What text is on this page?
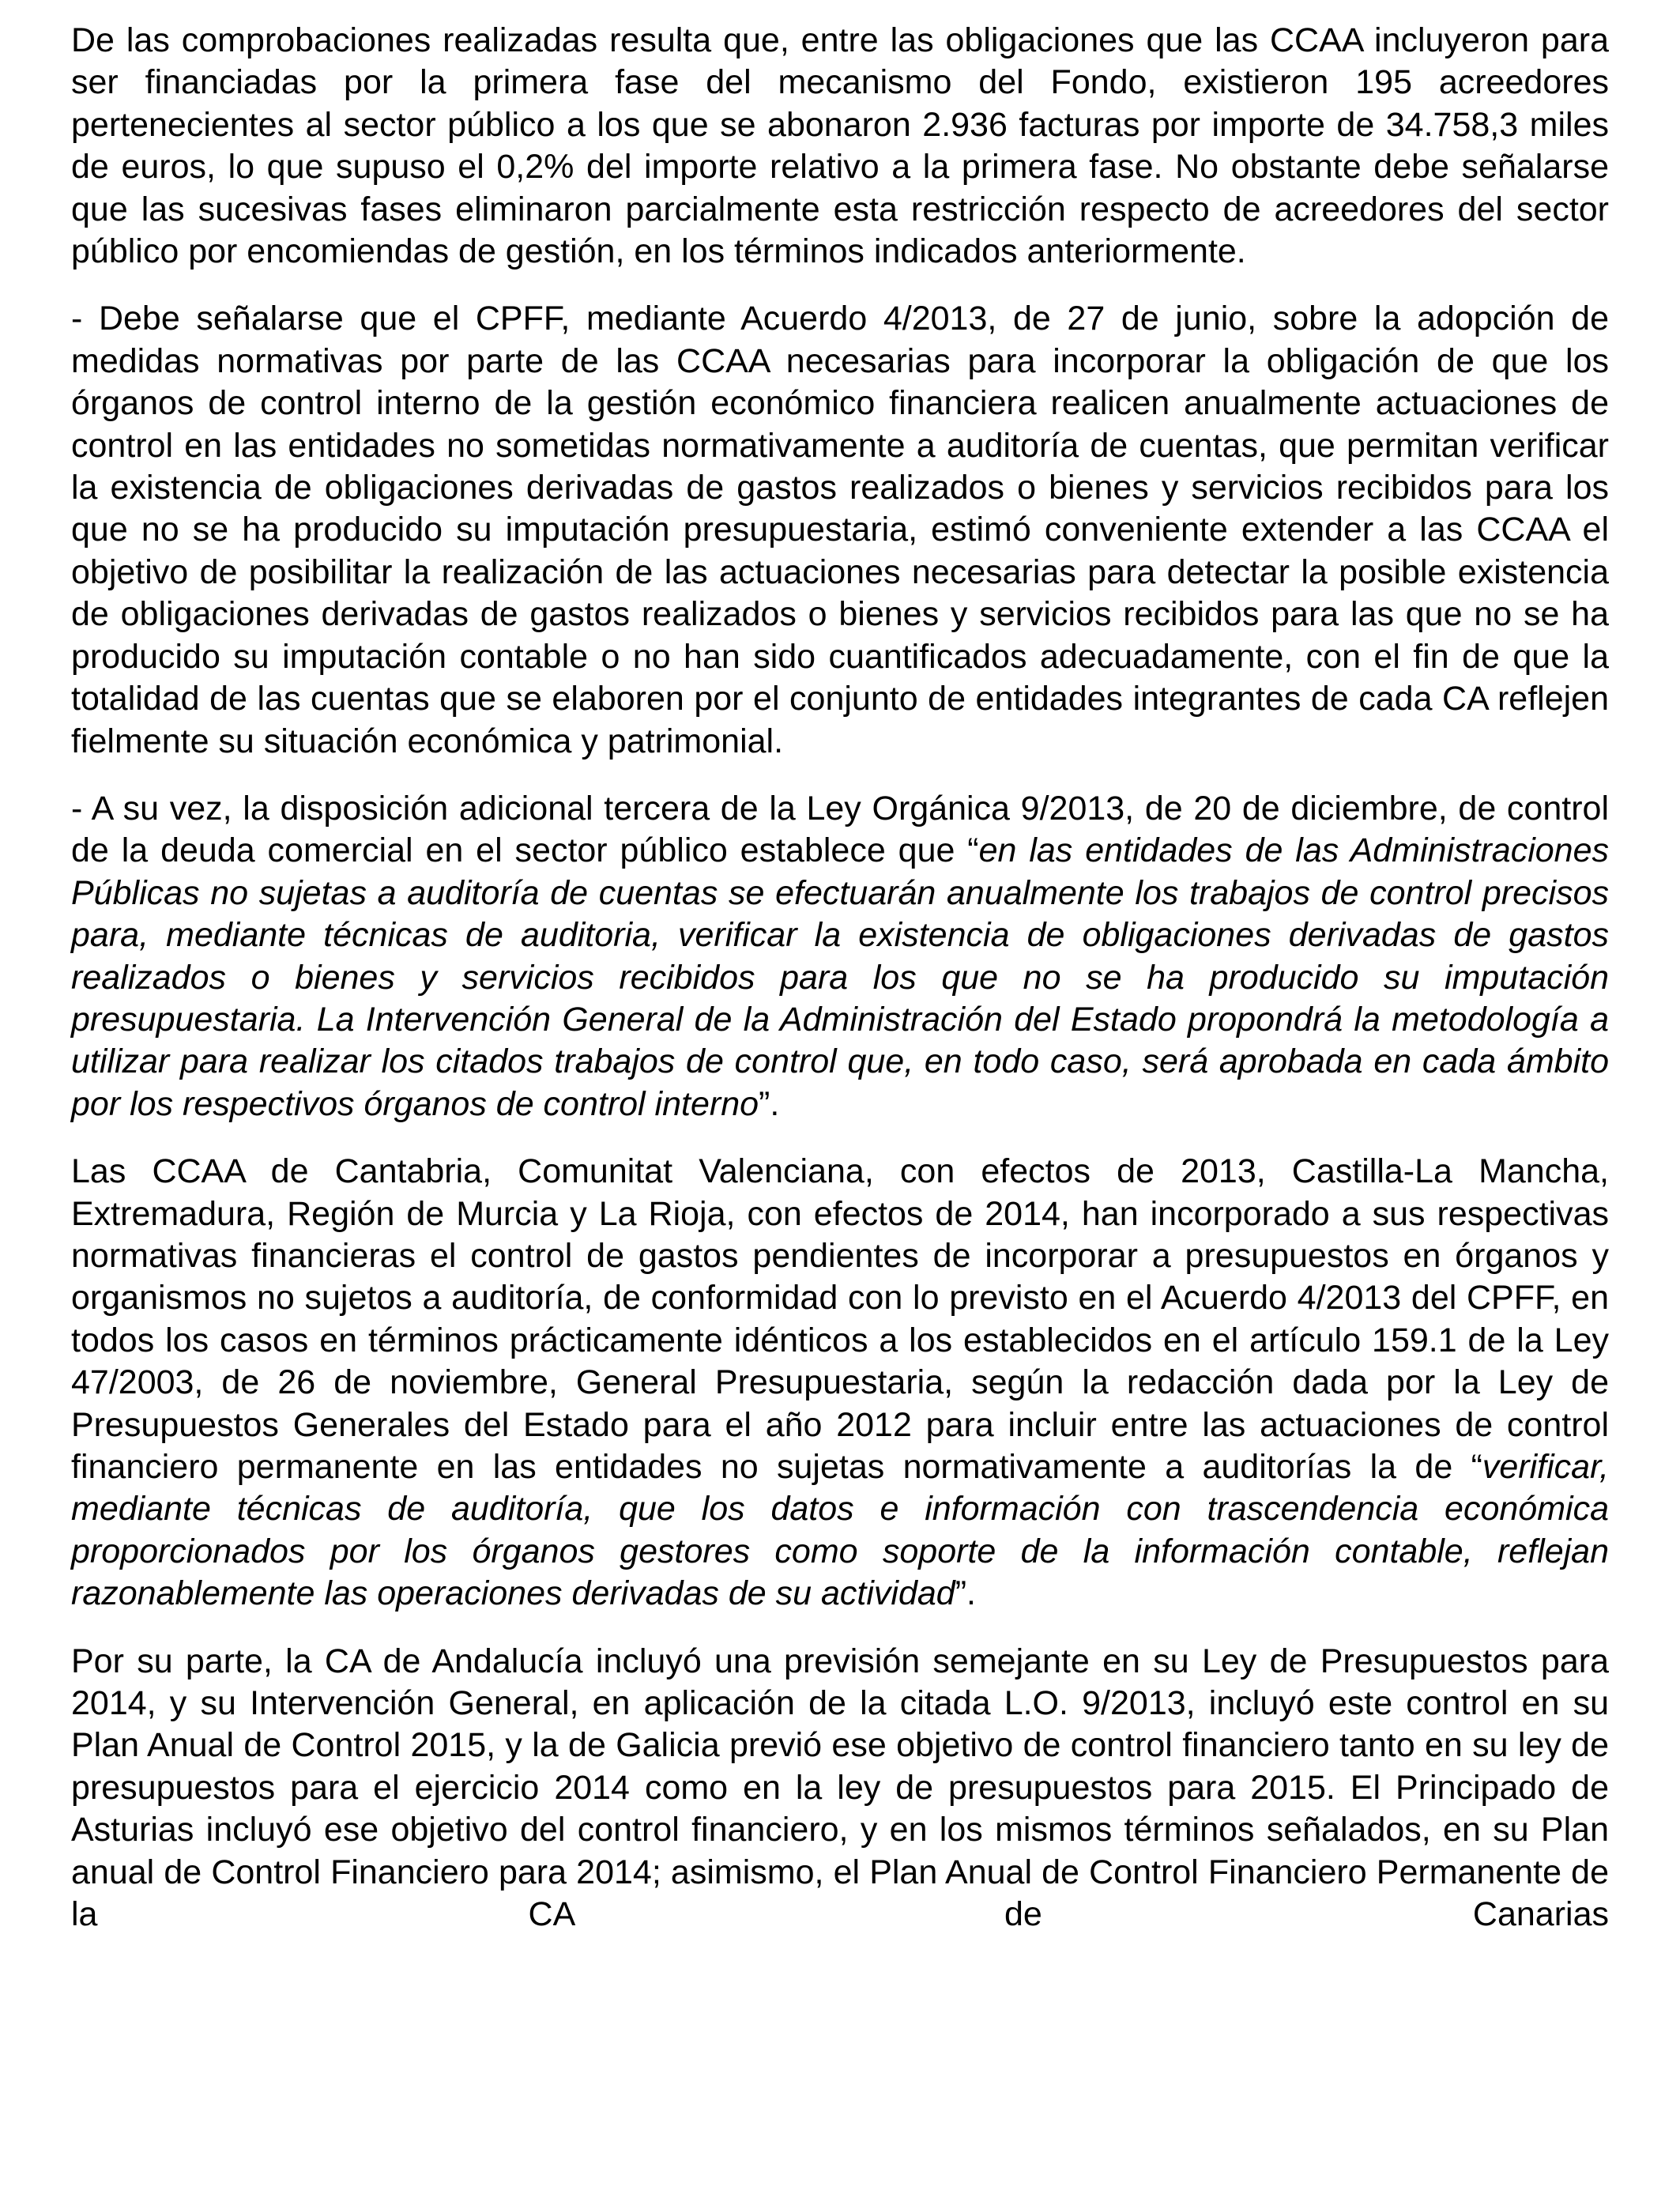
De las comprobaciones realizadas resulta que, entre las obligaciones que las CCAA incluyeron para ser financiadas por la primera fase del mecanismo del Fondo, existieron 195 acreedores pertenecientes al sector público a los que se abonaron 2.936 facturas por importe de 34.758,3 miles de euros, lo que supuso el 0,2% del importe relativo a la primera fase. No obstante debe señalarse que las sucesivas fases eliminaron parcialmente esta restricción respecto de acreedores del sector público por encomiendas de gestión, en los términos indicados anteriormente.

- Debe señalarse que el CPFF, mediante Acuerdo 4/2013, de 27 de junio, sobre la adopción de medidas normativas por parte de las CCAA necesarias para incorporar la obligación de que los órganos de control interno de la gestión económico financiera realicen anualmente actuaciones de control en las entidades no sometidas normativamente a auditoría de cuentas, que permitan verificar la existencia de obligaciones derivadas de gastos realizados o bienes y servicios recibidos para los que no se ha producido su imputación presupuestaria, estimó conveniente extender a las CCAA el objetivo de posibilitar la realización de las actuaciones necesarias para detectar la posible existencia de obligaciones derivadas de gastos realizados o bienes y servicios recibidos para las que no se ha producido su imputación contable o no han sido cuantificados adecuadamente, con el fin de que la totalidad de las cuentas que se elaboren por el conjunto de entidades integrantes de cada CA reflejen fielmente su situación económica y patrimonial.

- A su vez, la disposición adicional tercera de la Ley Orgánica 9/2013, de 20 de diciembre, de control de la deuda comercial en el sector público establece que “en las entidades de las Administraciones Públicas no sujetas a auditoría de cuentas se efectuarán anualmente los trabajos de control precisos para, mediante técnicas de auditoria, verificar la existencia de obligaciones derivadas de gastos realizados o bienes y servicios recibidos para los que no se ha producido su imputación presupuestaria. La Intervención General de la Administración del Estado propondrá la metodología a utilizar para realizar los citados trabajos de control que, en todo caso, será aprobada en cada ámbito por los respectivos órganos de control interno”.

Las CCAA de Cantabria, Comunitat Valenciana, con efectos de 2013, Castilla-La Mancha, Extremadura, Región de Murcia y La Rioja, con efectos de 2014, han incorporado a sus respectivas normativas financieras el control de gastos pendientes de incorporar a presupuestos en órganos y organismos no sujetos a auditoría, de conformidad con lo previsto en el Acuerdo 4/2013 del CPFF, en todos los casos en términos prácticamente idénticos a los establecidos en el artículo 159.1 de la Ley 47/2003, de 26 de noviembre, General Presupuestaria, según la redacción dada por la Ley de Presupuestos Generales del Estado para el año 2012 para incluir entre las actuaciones de control financiero permanente en las entidades no sujetas normativamente a auditorías la de “verificar, mediante técnicas de auditoría, que los datos e información con trascendencia económica proporcionados por los órganos gestores como soporte de la información contable, reflejan razonablemente las operaciones derivadas de su actividad”.

Por su parte, la CA de Andalucía incluyó una previsión semejante en su Ley de Presupuestos para 2014, y su Intervención General, en aplicación de la citada L.O. 9/2013, incluyó este control en su Plan Anual de Control 2015, y la de Galicia previó ese objetivo de control financiero tanto en su ley de presupuestos para el ejercicio 2014 como en la ley de presupuestos para 2015. El Principado de Asturias incluyó ese objetivo del control financiero, y en los mismos términos señalados, en su Plan anual de Control Financiero para 2014; asimismo, el Plan Anual de Control Financiero Permanente de la CA de Canarias
